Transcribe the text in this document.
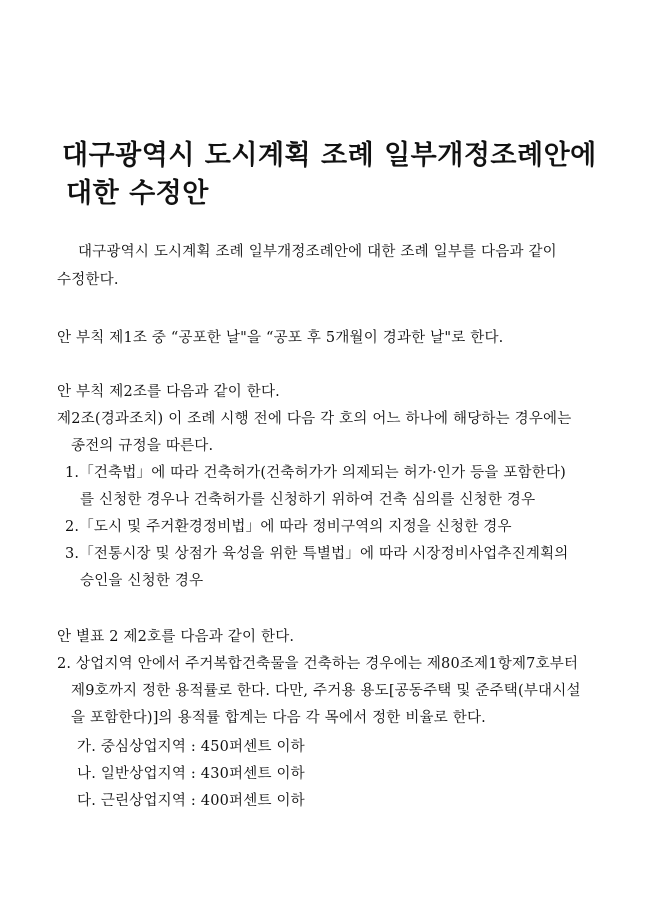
대구광역시 도시계획 조례 일부개정조례안에
대한 수정안
대구광역시 도시계획 조례 일부개정조례안에 대한 조례 일부를 다음과 같이
수정한다.
안 부칙 제1조 중 “공포한 날"을 “공포 후 5개월이 경과한 날"로 한다.
안 부칙 제2조를 다음과 같이 한다.
제2조(경과조치) 이 조례 시행 전에 다음 각 호의 어느 하나에 해당하는 경우에는
종전의 규정을 따른다.
1.「건축법」에 따라 건축허가(건축허가가 의제되는 허가·인가 등을 포함한다)
를 신청한 경우나 건축허가를 신청하기 위하여 건축 심의를 신청한 경우
2.「도시 및 주거환경정비법」에 따라 정비구역의 지정을 신청한 경우
3.「전통시장 및 상점가 육성을 위한 특별법」에 따라 시장정비사업추진계획의
승인을 신청한 경우
안 별표 2 제2호를 다음과 같이 한다.
2. 상업지역 안에서 주거복합건축물을 건축하는 경우에는 제80조제1항제7호부터
제9호까지 정한 용적률로 한다. 다만, 주거용 용도[공동주택 및 준주택(부대시설
을 포함한다)]의 용적률 합계는 다음 각 목에서 정한 비율로 한다.
가. 중심상업지역 : 450퍼센트 이하
나. 일반상업지역 : 430퍼센트 이하
다. 근린상업지역 : 400퍼센트 이하
